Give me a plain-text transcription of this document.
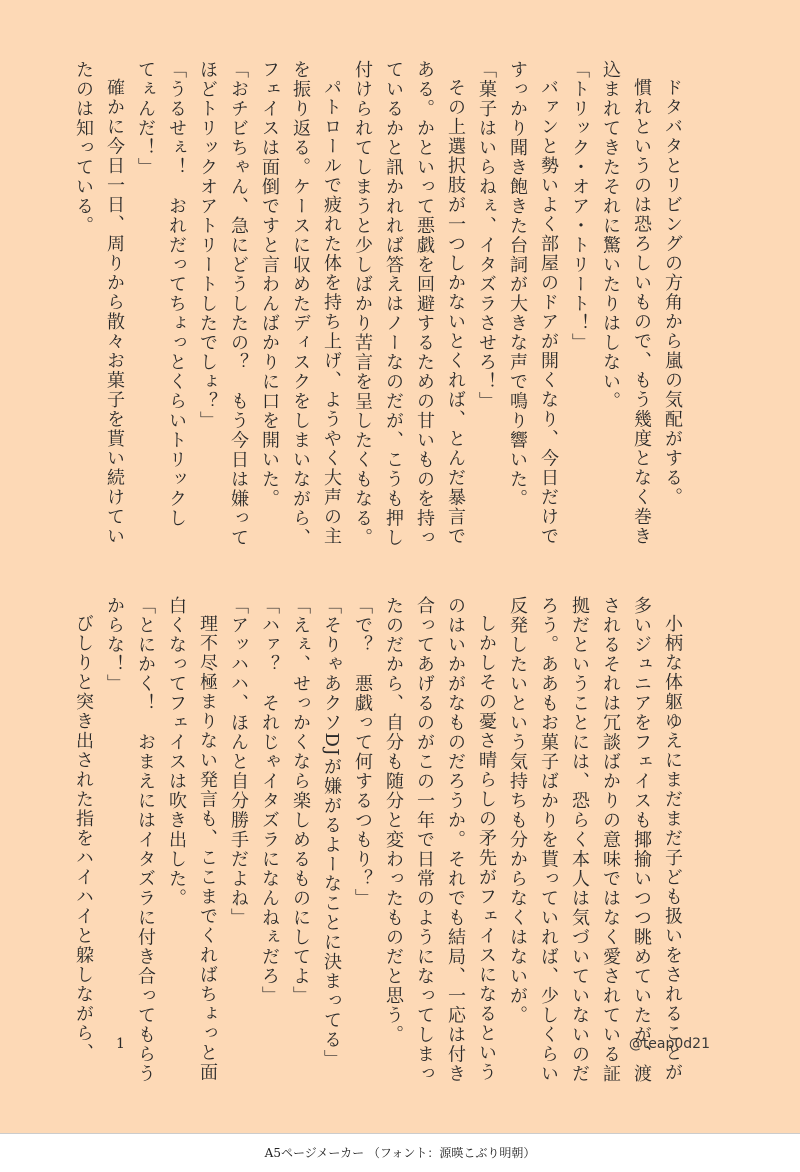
ドタバタとリビングの方角から嵐の気配がする。

慣れというのは恐ろしいもので、もう幾度となく巻き

込まれてきたそれに驚いたりはしない。

「トリック・オア・トリート！」

バァンと勢いよく部屋のドアが開くなり、今日だけで

すっかり聞き飽きた台詞が大きな声で鳴り響いた。

「菓子はいらねぇ、イタズラさせろ！」

その上選択肢が一つしかないとくれば、とんだ暴言で

ある。かといって悪戯を回避するための甘いものを持っ

ているかと訊かれれば答えはノーなのだが、こうも押し

付けられてしまうと少しばかり苦言を呈したくもなる。

パトロールで疲れた体を持ち上げ、ようやく大声の主

を振り返る。ケースに収めたディスクをしまいながら、

フェイスは面倒ですと言わんばかりに口を開いた。

「おチビちゃん、急にどうしたの？　もう今日は嫌って

ほどトリックオアトリートしたでしょ？」

「うるせぇ！　おれだってちょっとくらいトリックし

てぇんだ！」

確かに今日一日、周りから散々お菓子を貰い続けてい

たのは知っている。

小柄な体躯ゆえにまだまだ子ども扱いをされることが

多いジュニアをフェイスも揶揄いつつ眺めていたが、渡

されるそれは冗談ばかりの意味ではなく愛されている証

拠だということには、恐らく本人は気づいていないのだ

ろう。ああもお菓子ばかりを貰っていれば、少しくらい

反発したいという気持ちも分からなくはないが。

しかしその憂さ晴らしの矛先がフェイスになるという

のはいかがなものだろうか。それでも結局、一応は付き

合ってあげるのがこの一年で日常のようになってしまっ

たのだから、自分も随分と変わったものだと思う。

「で？　悪戯って何するつもり？」

「そりゃあクソDJが嫌がるよーなことに決まってる」

「えぇ、せっかくなら楽しめるものにしてよ」

「ハァ？　それじゃイタズラになんねぇだろ」

「アッハハ、ほんと自分勝手だよね」

理不尽極まりない発言も、ここまでくればちょっと面

白くなってフェイスは吹き出した。

「とにかく！　おまえにはイタズラに付き合ってもらう

からな！」

びしりと突き出された指をハイハイと躱しながら、	1	@teap0d21
A5ページメーカー （フォント：源暎こぶり明朝）
